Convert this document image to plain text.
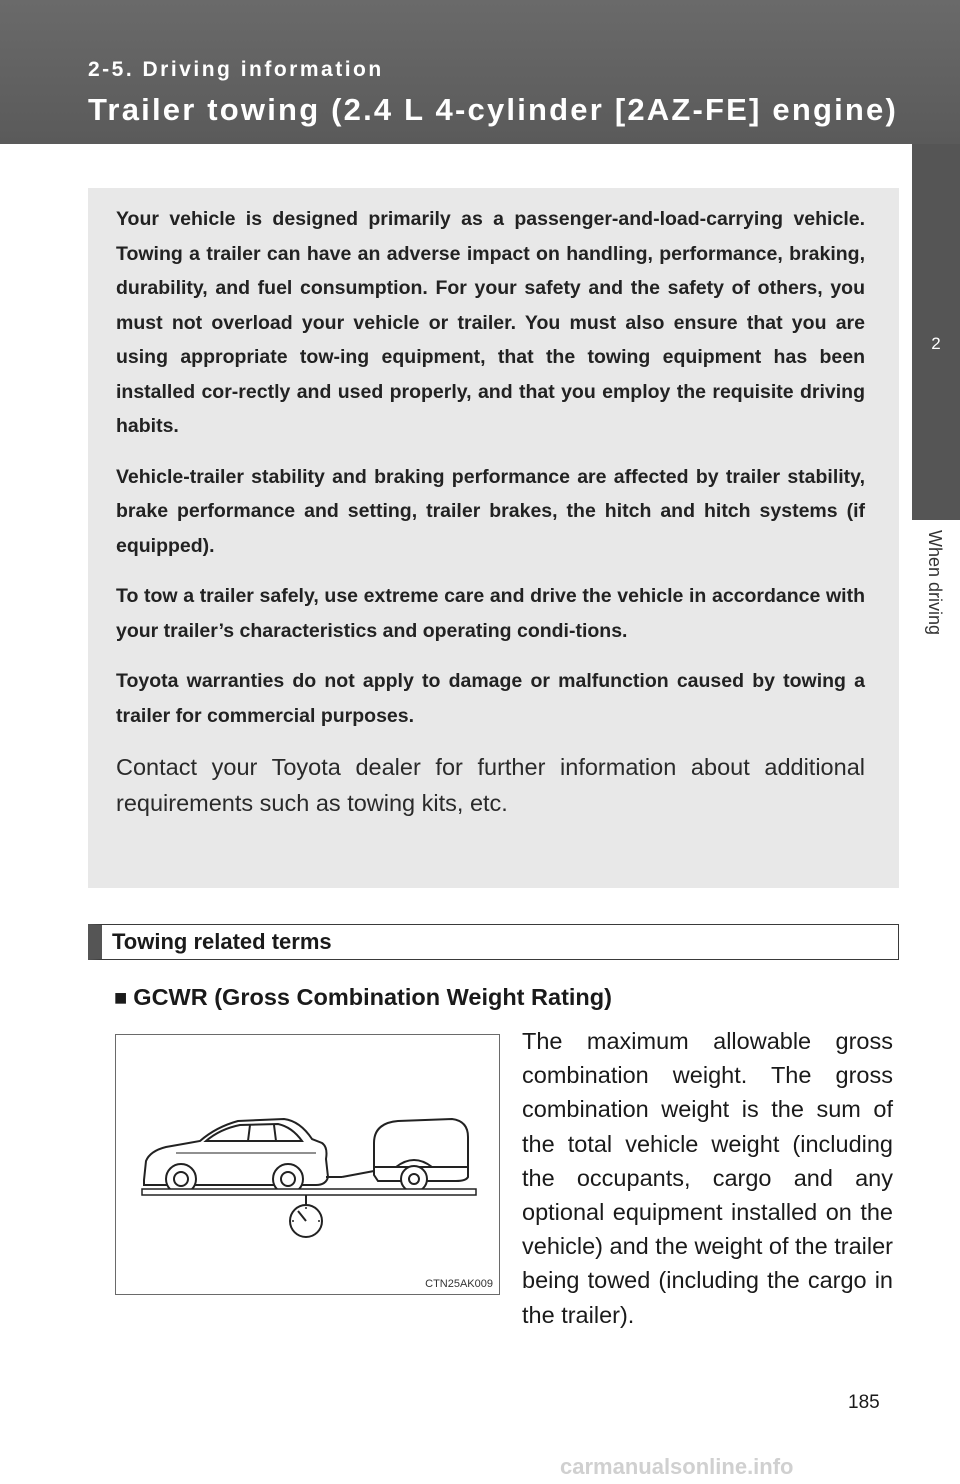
2-5. Driving information
Trailer towing (2.4 L 4-cylinder [2AZ-FE] engine)
2
When driving

Your vehicle is designed primarily as a passenger-and-load-carrying vehicle. Towing a trailer can have an adverse impact on handling, performance, braking, durability, and fuel consumption. For your safety and the safety of others, you must not overload your vehicle or trailer. You must also ensure that you are using appropriate tow-ing equipment, that the towing equipment has been installed cor-rectly and used properly, and that you employ the requisite driving habits.

Vehicle-trailer stability and braking performance are affected by trailer stability, brake performance and setting, trailer brakes, the hitch and hitch systems (if equipped).

To tow a trailer safely, use extreme care and drive the vehicle in accordance with your trailer’s characteristics and operating condi-tions.

Toyota warranties do not apply to damage or malfunction caused by towing a trailer for commercial purposes.

Contact your Toyota dealer for further information about additional requirements such as towing kits, etc.

Towing related terms
■ GCWR (Gross Combination Weight Rating)
CTN25AK009

The maximum allowable gross combination weight. The gross combination weight is the sum of the total vehicle weight (including the occupants, cargo and any optional equipment installed on the vehicle) and the weight of the trailer being towed (including the cargo in the trailer).

185
carmanualsonline.info
